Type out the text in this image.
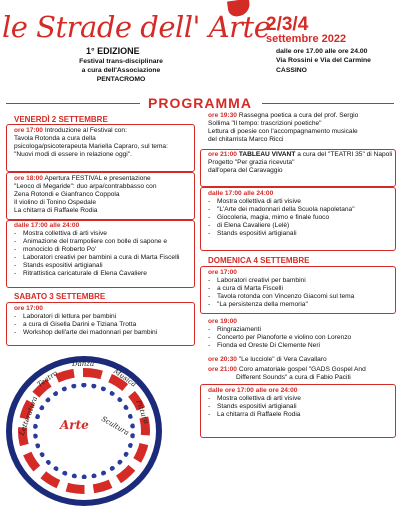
le Strade dell' Arte
1° EDIZIONE
Festival trans-disciplinare
a cura dell'Associazione PENTACROMO
2/3/4
settembre 2022
dalle ore 17.00 alle ore 24.00
Via Rossini e Via del Carmine
CASSINO
PROGRAMMA
VENERDÌ 2 SETTEMBRE
ore 17:00 Introduzione al Festival con:
Tavola Rotonda a cura della
psicologa/psicoterapeuta Mariella Capraro, sul tema:
"Nuovi modi di essere in relazione oggi".
ore 18:00 Apertura FESTIVAL e presentazione
"Leoco di Megaride": duo arpa/contrabbasso con
Zena Rotondi e Gianfranco Coppola
Il violino di Tonino Ospedale
La chitarra di Raffaele Rodia
dalle 17:00 alle 24:00
- Mostra collettiva di arti visive
- Animazione del trampoliere con bolle di sapone e
- monociclo di Roberto Po'
- Laboratori creativi per bambini a cura di Marta Fiscelli
- Stands espositivi artigianali
- Ritrattistica caricaturale di Elena Cavaliere
SABATO 3 SETTEMBRE
ore 17:00
- Laboratori di lettura per bambini
- a cura di Gisella Darini e Tiziana Trotta
- Workshop dell'arte dei madonnari per bambini
Teatro
Danza
Musica
Pittura
Letteratura	Scultura
Arte
ore 19:30 Rassegna poetica a cura del prof. Sergio
Sollima "Il tempo: trascrizioni poetiche"
Lettura di poesie con l'accompagnamento musicale
del chitarrista Marco Ricci
ore 21:00 TABLEAU VIVANT a cura del "TEATRI 35" di Napoli
Progetto "Per grazia ricevuta"
dall'opera del Caravaggio
dalle 17:00 alle 24:00
- Mostra collettiva di arti visive
- "L'Arte dei madonnari della Scuola napoletana"
- Giocoleria, magia, mimo e finale fuoco
- di Elena Cavaliere (Lelè)
- Stands espositivi artigianali
DOMENICA 4 SETTEMBRE
ore 17:00
- Laboratori creativi per bambini
- a cura di Marta Fiscelli
- Tavola rotonda con Vincenzo Giacomi sul tema
- "La persistenza della memoria"
ore 19:00
- Ringraziamenti
- Concerto per Pianoforte e violino con Lorenzo
- Fionda ed Oreste Di Clemente Neri
ore 20:30 "Le lucciole" di Vera Cavallaro
ore 21:00 Coro amatoriale gospel "GADS Gospel And
Different Sounds" a cura di Fabio Paciti
dalle ore 17:00 alle ore 24:00
- Mostra collettiva di arti visive
- Stands espositivi artigianali
- La chitarra di Raffaele Rodia
